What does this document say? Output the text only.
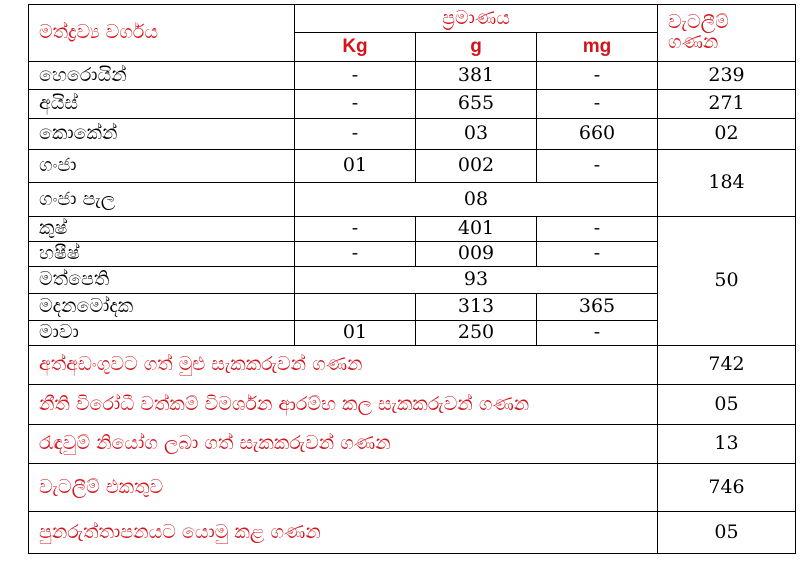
මත්ද්‍රව්‍ය වර්ගය	ප්‍රමාණය			වැටලීම් ගණන
	Kg	g	mg	
හෙරොයින්	-	381	-	239
අයිස්	-	655	-	271
කොකේන්	-	03	660	02
ගංජා	01	002	-	184
ගංජා පැල	08			
කුෂ්	-	401	-	50
හෂීෂ්	-	009	-	
මත්පෙති	93			
මදනමෝදක		313	365	
මාවා	01	250	-	
අත්අඩංගුවට ගත් මුළු සැකකරුවන් ගණන				742
නීති විරෝධී වත්කම් විමර්ශන ආරම්භ කල සැකකරුවන් ගණන				05
රැඳවුම් නියෝග ලබා ගත් සැකකරුවන් ගණන				13
වැටලීම් එකතුව				746
පුනරුත්තාපනයට යොමු කළ ගණන				05
